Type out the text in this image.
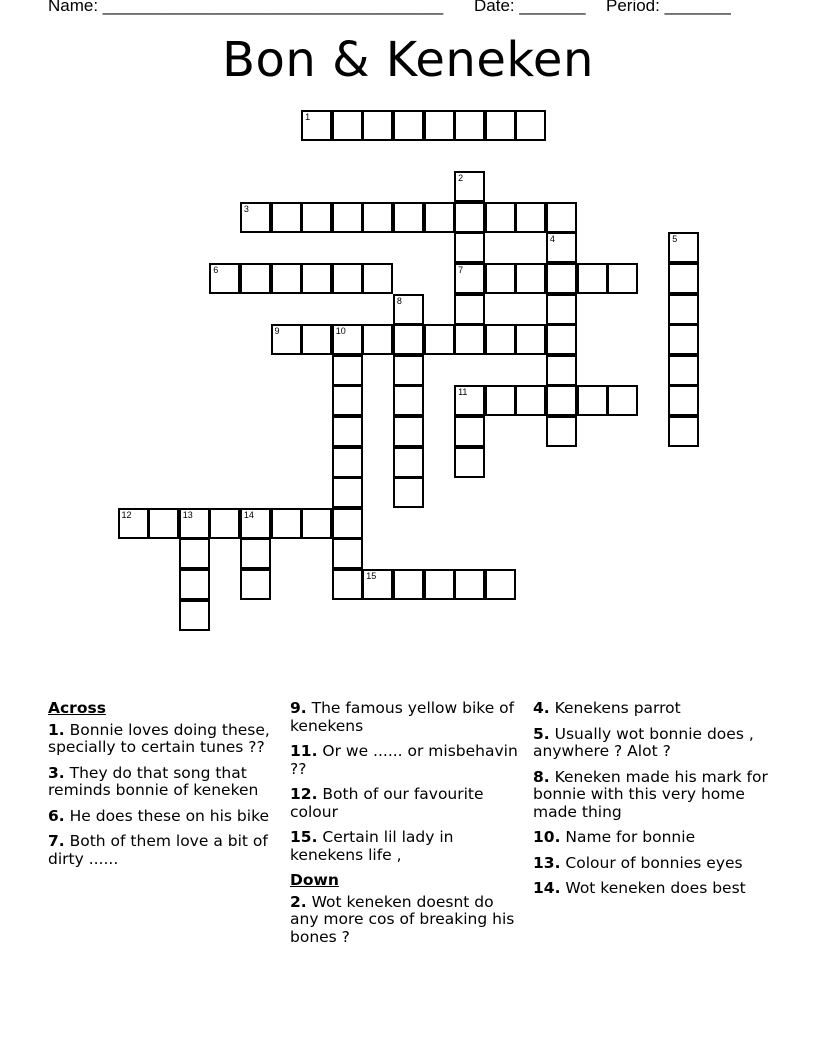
Name: ____________________________________ Date: _______ Period: _______
Bon & Keneken
1
2
7
3
4	5
6
8
9	10
11
12	13	14
15
Across
1. Bonnie loves doing these, specially to certain tunes ??
3. They do that song that reminds bonnie of keneken
6. He does these on his bike
7. Both of them love a bit of dirty ......
9. The famous yellow bike of kenekens
11. Or we ...... or misbehavin ??
12. Both of our favourite colour
15. Certain lil lady in kenekens life ,
Down
2. Wot keneken doesnt do any more cos of breaking his bones ?
4. Kenekens parrot
5. Usually wot bonnie does , anywhere ? Alot ?
8. Keneken made his mark for bonnie with this very home made thing
10. Name for bonnie
13. Colour of bonnies eyes
14. Wot keneken does best
